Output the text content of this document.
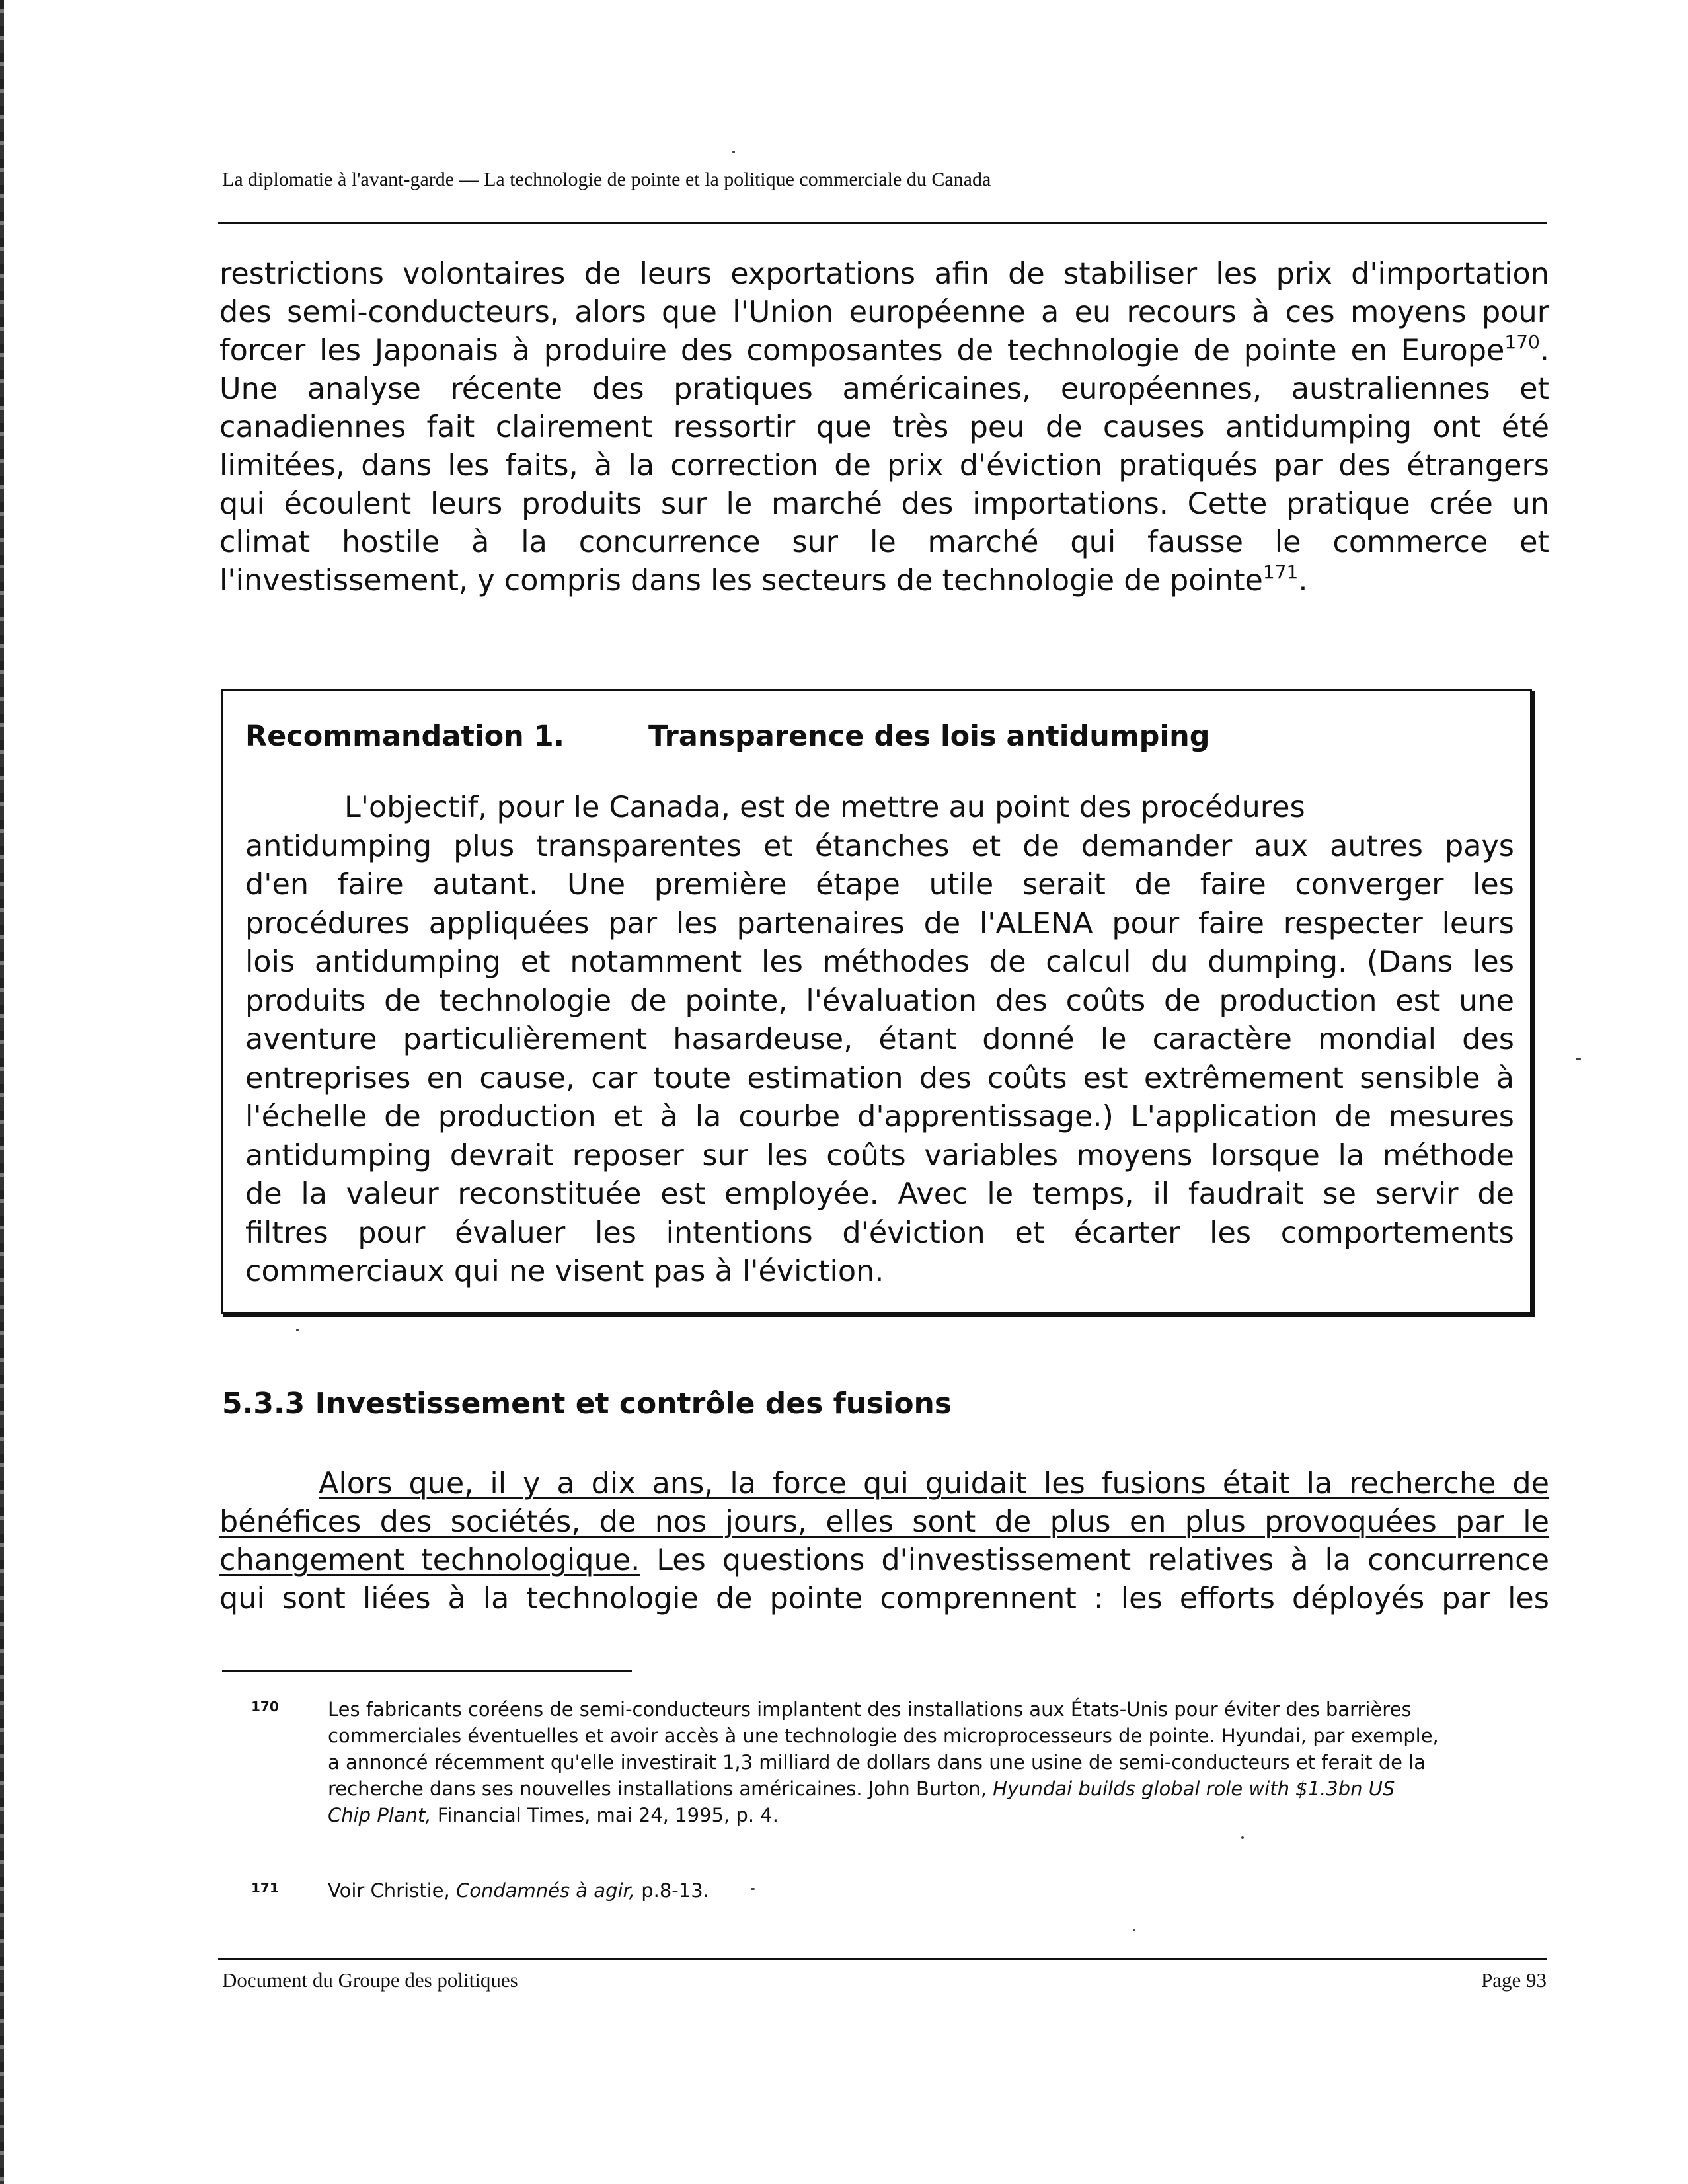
La diplomatie à l'avant-garde — La technologie de pointe et la politique commerciale du Canada
restrictions volontaires de leurs exportations afin de stabiliser les prix d'importation
des semi-conducteurs, alors que l'Union européenne a eu recours à ces moyens pour
forcer les Japonais à produire des composantes de technologie de pointe en Europe$^{170}$.
Une analyse récente des pratiques américaines, européennes, australiennes et
canadiennes fait clairement ressortir que très peu de causes antidumping ont été
limitées, dans les faits, à la correction de prix d'éviction pratiqués par des étrangers
qui écoulent leurs produits sur le marché des importations. Cette pratique crée un
climat hostile à la concurrence sur le marché qui fausse le commerce et
l'investissement, y compris dans les secteurs de technologie de pointe$^{171}$.
Recommandation 1.	Transparence des lois antidumping
L'objectif, pour le Canada, est de mettre au point des procédures
antidumping plus transparentes et étanches et de demander aux autres pays
d'en faire autant. Une première étape utile serait de faire converger les
procédures appliquées par les partenaires de l'ALENA pour faire respecter leurs
lois antidumping et notamment les méthodes de calcul du dumping. (Dans les
produits de technologie de pointe, l'évaluation des coûts de production est une
aventure particulièrement hasardeuse, étant donné le caractère mondial des
entreprises en cause, car toute estimation des coûts est extrêmement sensible à
l'échelle de production et à la courbe d'apprentissage.) L'application de mesures
antidumping devrait reposer sur les coûts variables moyens lorsque la méthode
de la valeur reconstituée est employée. Avec le temps, il faudrait se servir de
filtres pour évaluer les intentions d'éviction et écarter les comportements
commerciaux qui ne visent pas à l'éviction.
5.3.3 Investissement et contrôle des fusions
Alors que, il y a dix ans, la force qui guidait les fusions était la recherche de
bénéfices des sociétés, de nos jours, elles sont de plus en plus provoquées par le
changement technologique. Les questions d'investissement relatives à la concurrence
qui sont liées à la technologie de pointe comprennent : les efforts déployés par les
170	Les fabricants coréens de semi-conducteurs implantent des installations aux États-Unis pour éviter des barrières
commerciales éventuelles et avoir accès à une technologie des microprocesseurs de pointe. Hyundai, par exemple,
a annoncé récemment qu'elle investirait 1,3 milliard de dollars dans une usine de semi-conducteurs et ferait de la
recherche dans ses nouvelles installations américaines. John Burton, Hyundai builds global role with $1.3bn US
Chip Plant, Financial Times, mai 24, 1995, p. 4.
171	Voir Christie, Condamnés à agir, p.8-13.
Document du Groupe des politiques	Page 93
